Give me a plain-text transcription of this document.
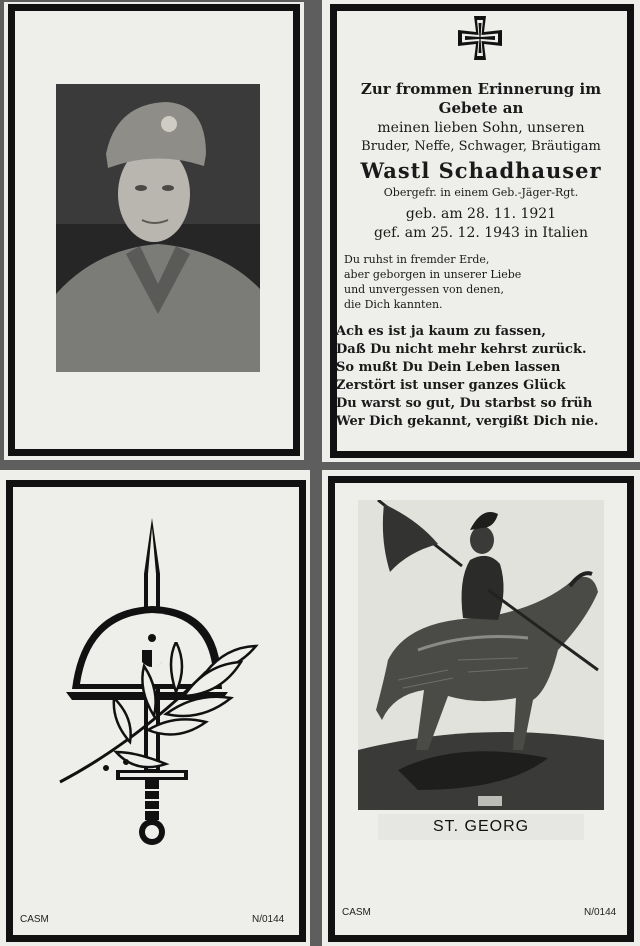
Zur frommen Erinnerung im
Gebete an
meinen lieben Sohn, unseren
Bruder, Neffe, Schwager, Bräutigam
Wastl Schadhauser
Obergefr. in einem Geb.-Jäger-Rgt.
geb. am 28. 11. 1921
gef. am 25. 12. 1943 in Italien
Du ruhst in fremder Erde,
aber geborgen in unserer Liebe
und unvergessen von denen,
die Dich kannten.
Ach es ist ja kaum zu fassen,
Daß Du nicht mehr kehrst zurück.
So mußt Du Dein Leben lassen
Zerstört ist unser ganzes Glück
Du warst so gut, Du starbst so früh
Wer Dich gekannt, vergißt Dich nie.
CASM	N/0144
ST. GEORG
CASM	N/0144
